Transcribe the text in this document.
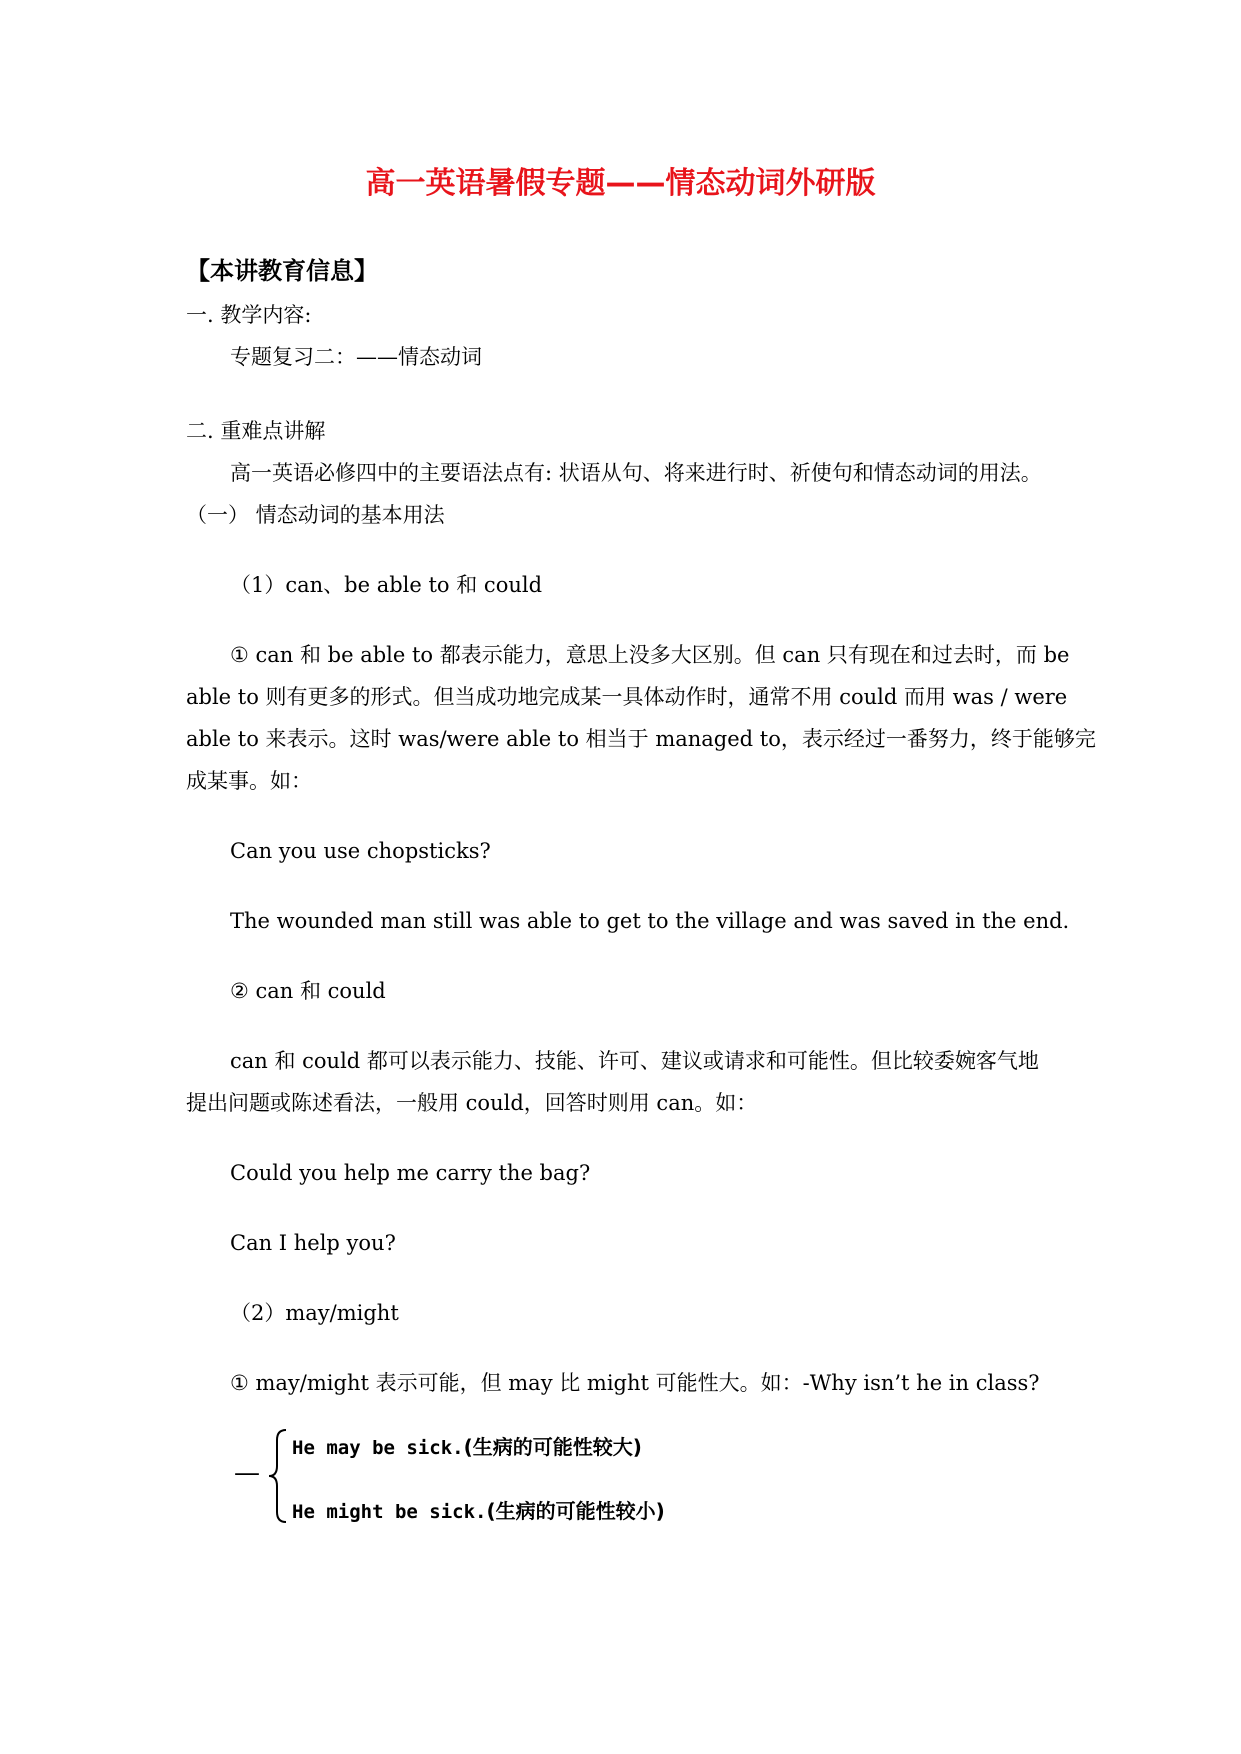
高一英语暑假专题——情态动词外研版
【本讲教育信息】
一. 教学内容:
专题复习二：——情态动词
二. 重难点讲解
高一英语必修四中的主要语法点有: 状语从句、将来进行时、祈使句和情态动词的用法。
（一） 情态动词的基本用法
（1）can、be able to 和 could
① can 和 be able to 都表示能力，意思上没多大区别。但 can 只有现在和过去时，而 be
able to 则有更多的形式。但当成功地完成某一具体动作时，通常不用 could 而用 was / were
able to 来表示。这时 was/were able to 相当于 managed to，表示经过一番努力，终于能够完
成某事。如：
Can you use chopsticks?
The wounded man still was able to get to the village and was saved in the end.
② can 和 could
can 和 could 都可以表示能力、技能、许可、建议或请求和可能性。但比较委婉客气地
提出问题或陈述看法，一般用 could，回答时则用 can。如：
Could you help me carry the bag?
Can I help you?
（2）may/might
① may/might 表示可能，但 may 比 might 可能性大。如：-Why isn’t he in class?
—
He may be sick.(生病的可能性较大)
He might be sick.(生病的可能性较小)
